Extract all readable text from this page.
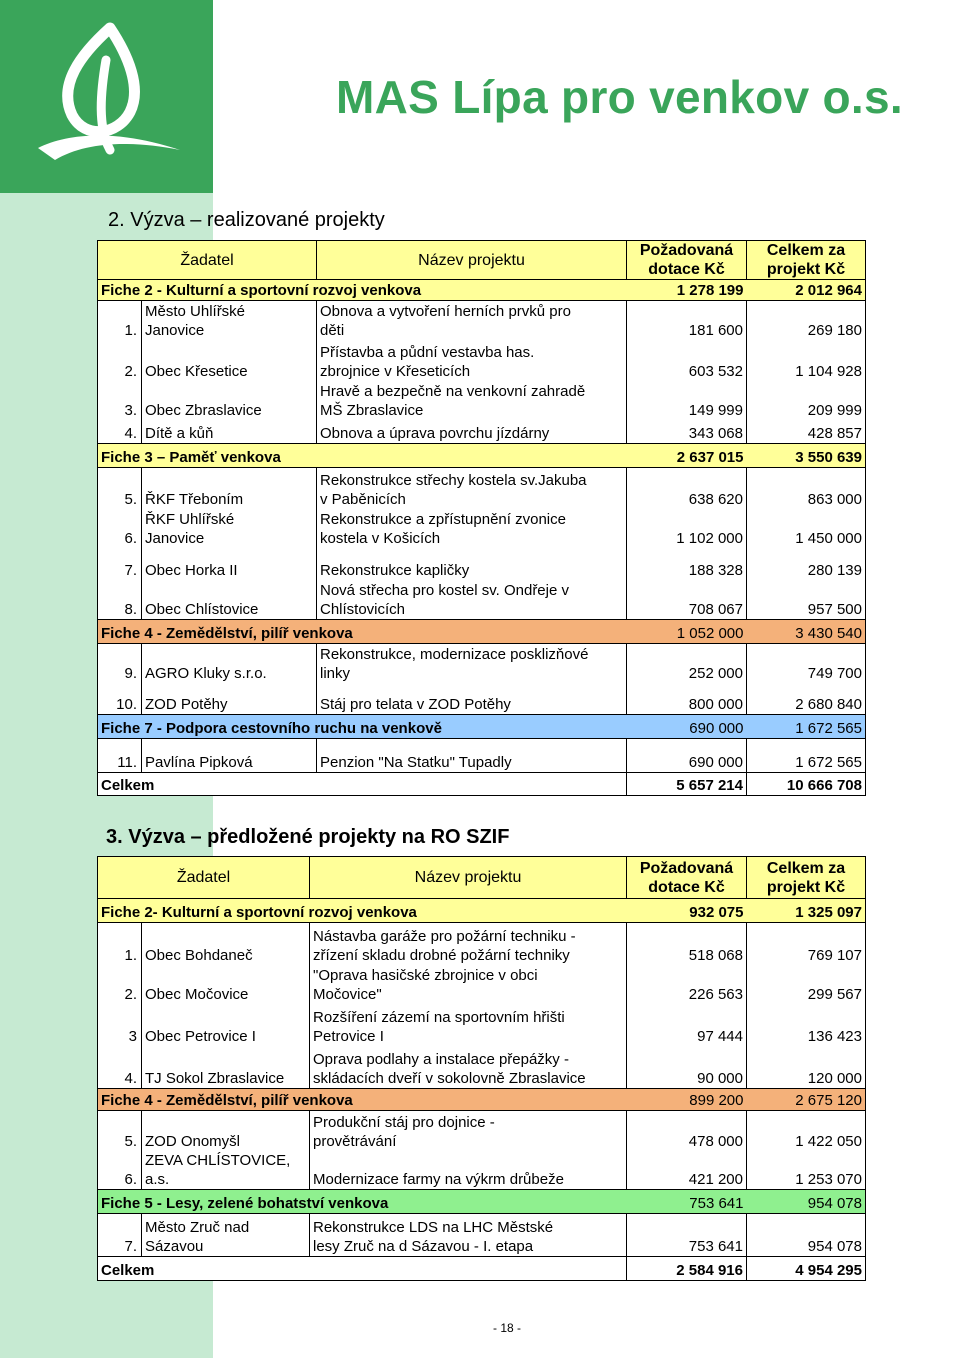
MAS Lípa pro venkov o.s.
2. Výzva – realizované projekty
Žadatel		Název projektu	Požadovaná
dotace Kč	Celkem za
projekt Kč
Fiche 2 - Kulturní a sportovní rozvoj venkova			1 278 199	2 012 964
1.	Město Uhlířské
Janovice	Obnova a vytvoření herních prvků pro
děti	181 600	269 180
2.	Obec Křesetice	Přístavba a půdní vestavba has.
zbrojnice v Křeseticích	603 532	1 104 928
3.	Obec Zbraslavice	Hravě a bezpečně na venkovní zahradě
MŠ Zbraslavice	149 999	209 999
4.	Dítě a kůň	Obnova a úprava povrchu jízdárny	343 068	428 857
Fiche 3 – Paměť venkova			2 637 015	3 550 639
5.	ŘKF Třeboním	Rekonstrukce střechy kostela sv.Jakuba
v Paběnicích	638 620	863 000
6.	ŘKF Uhlířské
Janovice	Rekonstrukce a zpřístupnění zvonice
kostela v Košicích	1 102 000	1 450 000
7.	Obec Horka II	Rekonstrukce kapličky	188 328	280 139
8.	Obec Chlístovice	Nová střecha pro kostel sv. Ondřeje v
Chlístovicích	708 067	957 500
Fiche 4 - Zemědělství, pilíř venkova			1 052 000	3 430 540
9.	AGRO Kluky s.r.o.	Rekonstrukce, modernizace posklizňové
linky	252 000	749 700
10.	ZOD Potěhy	Stáj pro telata v ZOD Potěhy	800 000	2 680 840
Fiche 7 - Podpora cestovního ruchu na venkově			690 000	1 672 565
11.	Pavlína Pipková	Penzion "Na Statku" Tupadly	690 000	1 672 565
Celkem			5 657 214	10 666 708
3. Výzva – předložené projekty na RO SZIF
Žadatel		Název projektu	Požadovaná
dotace Kč	Celkem za
projekt Kč
Fiche 2- Kulturní a sportovní rozvoj venkova			932 075	1 325 097
1.	Obec Bohdaneč	Nástavba garáže pro požární techniku -
zřízení skladu drobné požární techniky	518 068	769 107
2.	Obec Močovice	"Oprava hasičské zbrojnice v obci
Močovice"	226 563	299 567
3	Obec Petrovice I	Rozšíření zázemí na sportovním hřišti
Petrovice I	97 444	136 423
4.	TJ Sokol Zbraslavice	Oprava podlahy a instalace přepážky -
skládacích dveří v sokolovně Zbraslavice	90 000	120 000
Fiche 4 - Zemědělství, pilíř venkova			899 200	2 675 120
5.	ZOD Onomyšl	Produkční stáj pro dojnice -
provětrávání	478 000	1 422 050
6.	ZEVA CHLÍSTOVICE,
a.s.	Modernizace farmy na výkrm drůbeže	421 200	1 253 070
Fiche 5 - Lesy, zelené bohatství venkova			753 641	954 078
7.	Město Zruč nad Sázavou	Rekonstrukce LDS na LHC Městské
lesy Zruč na d Sázavou - I. etapa	753 641	954 078
Celkem			2 584 916	4 954 295
- 18 -
